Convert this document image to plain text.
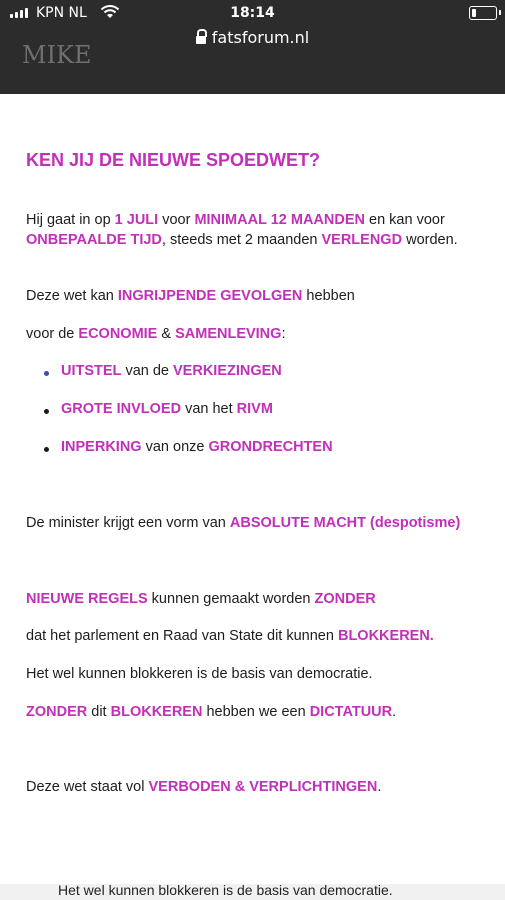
KPN NL	18:14
fatsforum.nl
MIKE
KEN JIJ DE NIEUWE SPOEDWET?
Hij gaat in op 1 JULI voor MINIMAAL 12 MAANDEN en kan voor
ONBEPAALDE TIJD, steeds met 2 maanden VERLENGD worden.
Deze wet kan INGRIJPENDE GEVOLGEN hebben
voor de ECONOMIE & SAMENLEVING:
UITSTEL van de VERKIEZINGEN
GROTE INVLOED van het RIVM
INPERKING van onze GRONDRECHTEN
De minister krijgt een vorm van ABSOLUTE MACHT (despotisme)
NIEUWE REGELS kunnen gemaakt worden ZONDER
dat het parlement en Raad van State dit kunnen BLOKKEREN.
Het wel kunnen blokkeren is de basis van democratie.
ZONDER dit BLOKKEREN hebben we een DICTATUUR.
Deze wet staat vol VERBODEN & VERPLICHTINGEN.
Het wel kunnen blokkeren is de basis van democratie.
